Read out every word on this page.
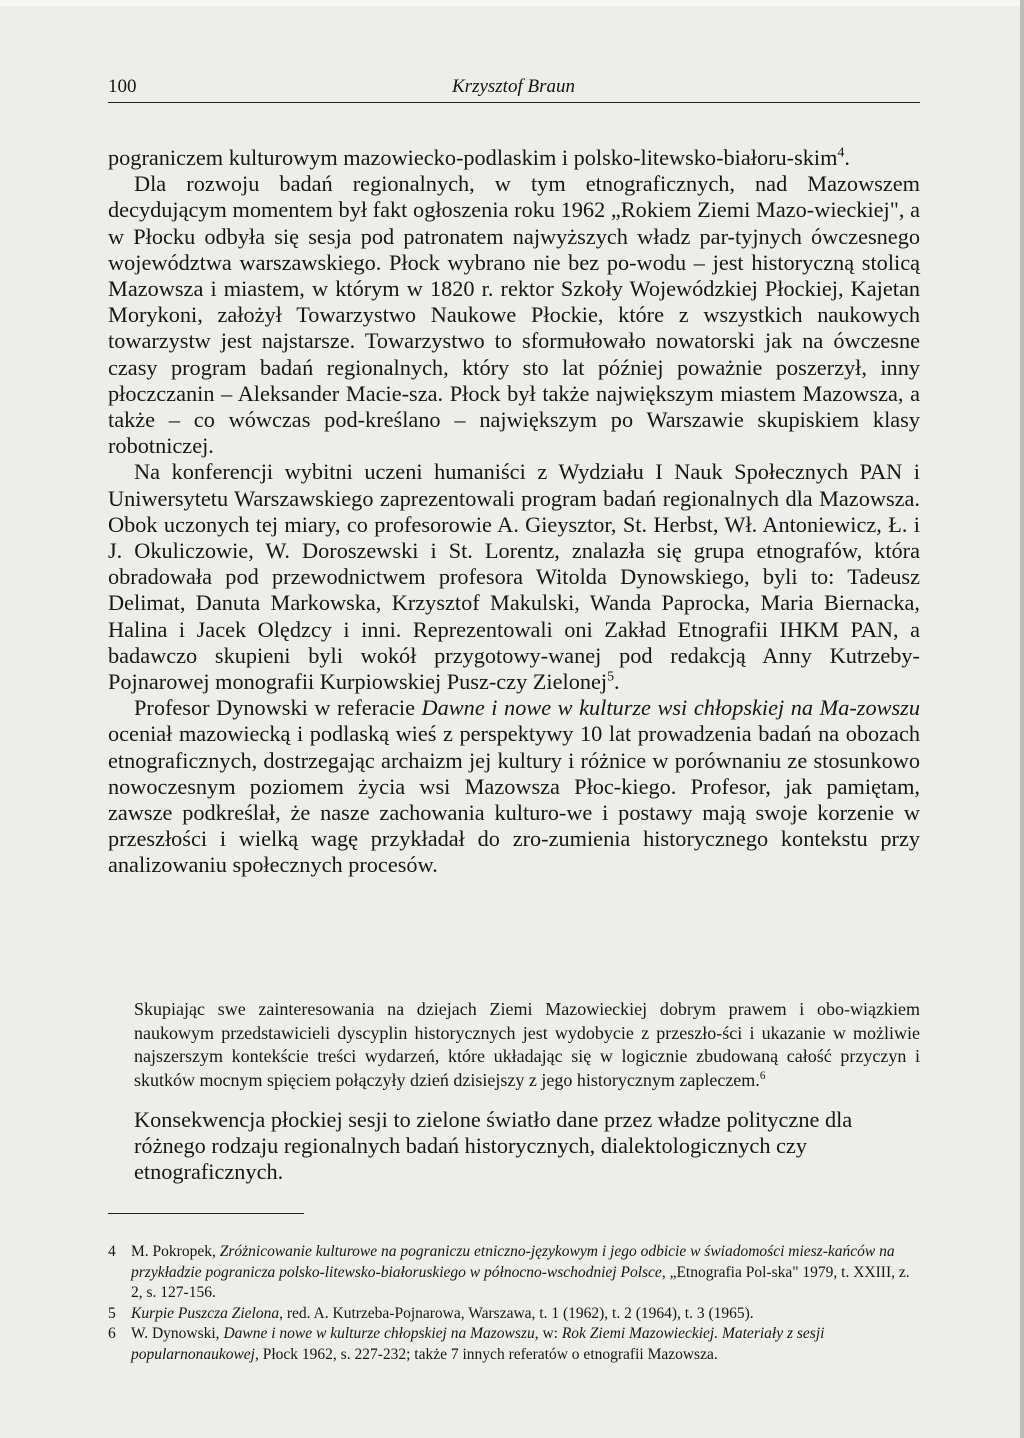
100	Krzysztof Braun

pograniczem kulturowym mazowiecko-podlaskim i polsko-litewsko-białoru-skim$^4$.

Dla rozwoju badań regionalnych, w tym etnograficznych, nad Mazowszem decydującym momentem był fakt ogłoszenia roku 1962 „Rokiem Ziemi Mazo-wieckiej", a w Płocku odbyła się sesja pod patronatem najwyższych władz par-tyjnych ówczesnego województwa warszawskiego. Płock wybrano nie bez po-wodu – jest historyczną stolicą Mazowsza i miastem, w którym w 1820 r. rektor Szkoły Wojewódzkiej Płockiej, Kajetan Morykoni, założył Towarzystwo Naukowe Płockie, które z wszystkich naukowych towarzystw jest najstarsze. Towarzystwo to sformułowało nowatorski jak na ówczesne czasy program badań regionalnych, który sto lat później poważnie poszerzył, inny płoczczanin – Aleksander Macie-sza. Płock był także największym miastem Mazowsza, a także – co wówczas pod-kreślano – największym po Warszawie skupiskiem klasy robotniczej.

Na konferencji wybitni uczeni humaniści z Wydziału I Nauk Społecznych PAN i Uniwersytetu Warszawskiego zaprezentowali program badań regionalnych dla Mazowsza. Obok uczonych tej miary, co profesorowie A. Gieysztor, St. Herbst, Wł. Antoniewicz, Ł. i J. Okuliczowie, W. Doroszewski i St. Lorentz, znalazła się grupa etnografów, która obradowała pod przewodnictwem profesora Witolda Dynowskiego, byli to: Tadeusz Delimat, Danuta Markowska, Krzysztof Makulski, Wanda Paprocka, Maria Biernacka, Halina i Jacek Olędzcy i inni. Reprezentowali oni Zakład Etnografii IHKM PAN, a badawczo skupieni byli wokół przygotowy-wanej pod redakcją Anny Kutrzeby-Pojnarowej monografii Kurpiowskiej Pusz-czy Zielonej$^5$.

Profesor Dynowski w referacie Dawne i nowe w kulturze wsi chłopskiej na Ma-zowszu oceniał mazowiecką i podlaską wieś z perspektywy 10 lat prowadzenia badań na obozach etnograficznych, dostrzegając archaizm jej kultury i różnice w porównaniu ze stosunkowo nowoczesnym poziomem życia wsi Mazowsza Płoc-kiego. Profesor, jak pamiętam, zawsze podkreślał, że nasze zachowania kulturo-we i postawy mają swoje korzenie w przeszłości i wielką wagę przykładał do zro-zumienia historycznego kontekstu przy analizowaniu społecznych procesów.

Skupiając swe zainteresowania na dziejach Ziemi Mazowieckiej dobrym prawem i obo-wiązkiem naukowym przedstawicieli dyscyplin historycznych jest wydobycie z przeszło-ści i ukazanie w możliwie najszerszym kontekście treści wydarzeń, które układając się w logicznie zbudowaną całość przyczyn i skutków mocnym spięciem połączyły dzień dzisiejszy z jego historycznym zapleczem.$^6$

Konsekwencja płockiej sesji to zielone światło dane przez władze polityczne dla różnego rodzaju regionalnych badań historycznych, dialektologicznych czy etnograficznych.

4 M. Pokropek, Zróżnicowanie kulturowe na pograniczu etniczno-językowym i jego odbicie w świadomości miesz-kańców na przykładzie pogranicza polsko-litewsko-białoruskiego w północno-wschodniej Polsce, „Etnografia Pol-ska" 1979, t. XXIII, z. 2, s. 127-156.
5 Kurpie Puszcza Zielona, red. A. Kutrzeba-Pojnarowa, Warszawa, t. 1 (1962), t. 2 (1964), t. 3 (1965).
6 W. Dynowski, Dawne i nowe w kulturze chłopskiej na Mazowszu, w: Rok Ziemi Mazowieckiej. Materiały z sesji popularnonaukowej, Płock 1962, s. 227-232; także 7 innych referatów o etnografii Mazowsza.
